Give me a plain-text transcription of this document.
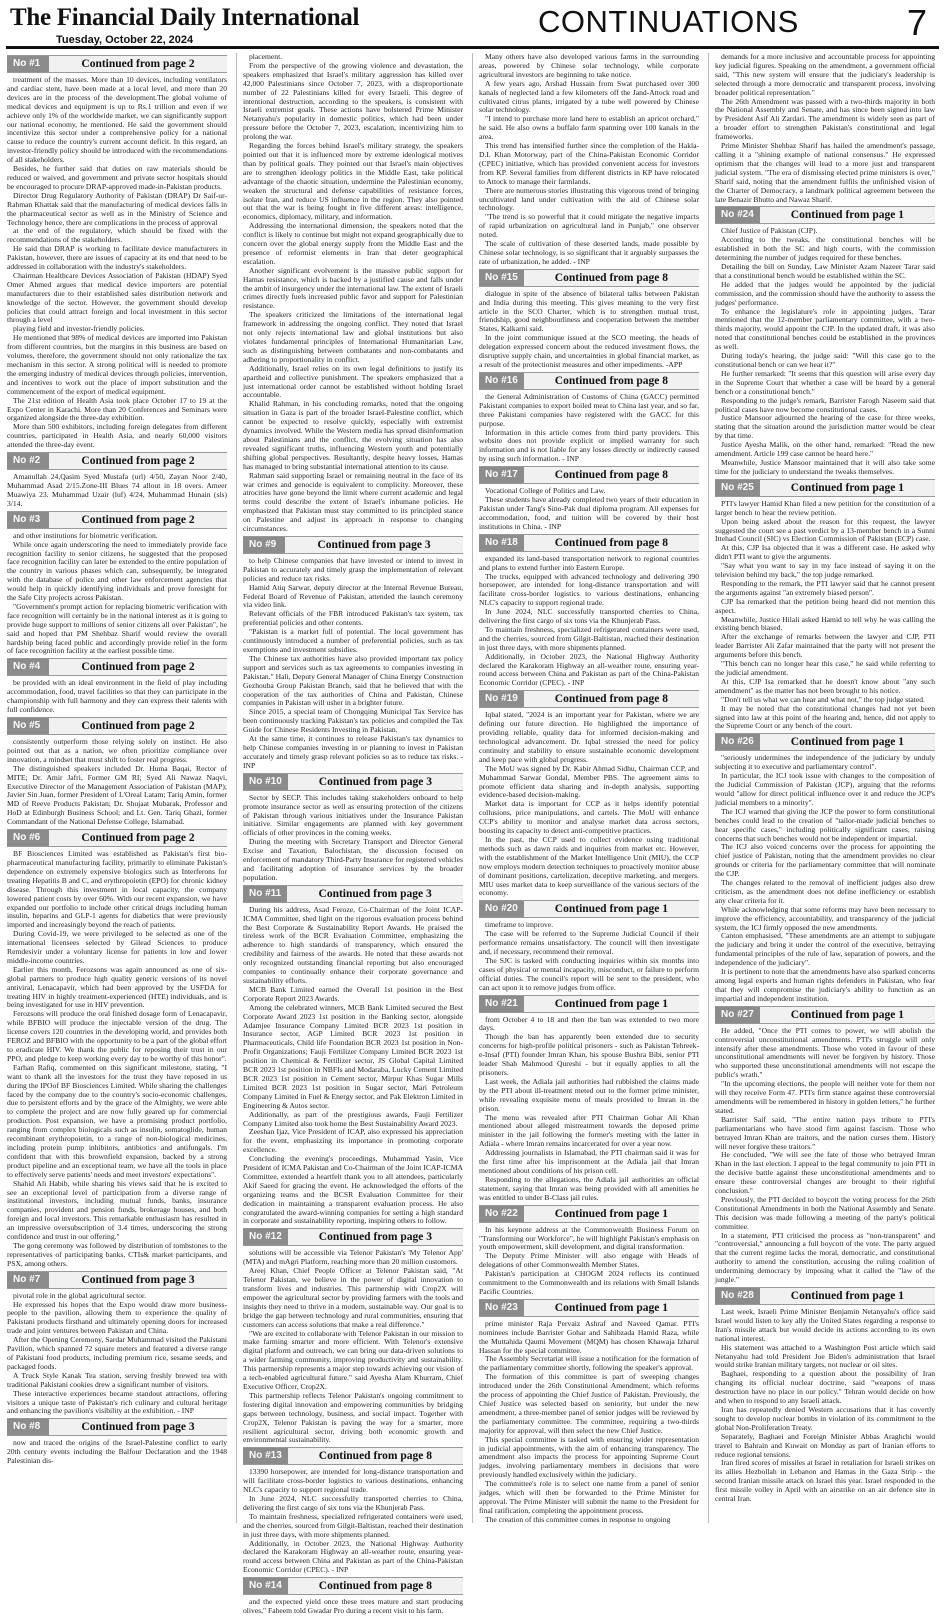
The Financial Daily International
Tuesday, October 22, 2024
CONTINUATIONS	7
No #1	Continued from page 2

treatment of the masses. More than 10 devices, including ventilators and cardiac stent, have been made at a local level, and more than 20 devices are in the process of the development.The global volume of medical devices and equipment is up to Rs.1 trillion and even if we achieve only 1% of the worldwide market, we can significantly support our national economy, he mentioned. He said the government should incentivize this sector under a comprehensive policy for a national cause to reduce the country's current account deficit. In this regard, an investor-friendly policy should be introduced with the recommendations of all stakeholders.

Besides, he further said that duties on raw materials should be reduced or waived, and government and private sector hospitals should be encouraged to procure DRAP-approved made-in-Pakistan products.

Director Drug Regulatory Authority of Pakistan (DRAP) Dr Saif-ur-Rahman Khattak said that the manufacturing of medical devices falls in the pharmaceutical sector as well as in the Ministry of Science and Technology hence, there are complications in the process of approval

at the end of the regulatory, which should be fixed with the recommendations of the stakeholders.

He said that DRAP is working to facilitate device manufacturers in Pakistan, however, there are issues of capacity at its end that need to be addressed in collaboration with the industry's stakeholders.

Chairman Healthcare Devices Association of Pakistan (HDAP) Syed Omer Ahmed argues that medical device importers are potential manufacturers due to their established sales distribution network and knowledge of the sector. However, the government should develop policies that could attract foreign and local investment in this sector through a level

playing field and investor-friendly policies.

He mentioned that 98% of medical devices are imported into Pakistan from different countries, but the margins in this business are based on volumes, therefore, the government should not only rationalize the tax mechanism in this sector. A strong political will is needed to promote the emerging industry of medical devices through policies, intervention, and incentives to work out the place of import substitution and the commencement of the export of medical equipment.

The 21st edition of Health Asia took place October 17 to 19 at the Expo Center in Karachi. More than 20 Conferences and Seminars were organized alongside the three-day exhibition.

More than 500 exhibitors, including foreign delegates from different countries, participated in Health Asia, and nearly 60,000 visitors attended the three-day event.

No #2	Continued from page 2

Amanullah 24,Qasim Syed Mustafa (url) 4/50, Zayan Noor 2/40, Muhammad Asad 2/15.Zone-III Blues 74 allout in 18 overs. Ameer Muawiya 23. Muhammad Uzair (luf) 4/24, Muhammad Hunain (sls) 3/14.

No #3	Continued from page 2

and other institutions for biometric verification.

While once again underscoring the need to immediately provide face recognition facility to senior citizens, he suggested that the proposed face recognition facility can later be extended to the entire population of the country in various phases which can, subsequently, be integrated with the database of police and other law enforcement agencies that would help in quickly identifying individuals and prove foresight for the Safe City projects across Pakistan.

"Government's prompt action for replacing biometric verification with face recognition will certainly be in the national interest as it is going to provide huge support to millions of senior citizens all over Pakistan", he said and hoped that PM Shehbaz Sharif would review the overall hardship being faced public and accordingly provide relief in the form of face recognition facility at the earliest possible time.

No #4	Continued from page 2

be provided with an ideal environment in the field of play including accommodation, food, travel facilities so that they can participate in the championship with full harmony and they can express their talents with full confidence.

No #5	Continued from page 2

consistently outperform those relying solely on instinct. He also pointed out that as a nation, we often prioritize compliance over innovation, a mindset that must shift to foster real progress.

The distinguished speakers included Dr. Huma Baqai, Rector of MITE; Dr. Amir Jafri, Former GM RI; Syed Ali Nawaz Naqvi, Executive Director of the Management Association of Pakistan (MAP); Javier Sin Juan, former President of L'Oreal Latam; Tariq Amin, former MD of Reeve Products Pakistan; Dr. Shujaat Mubarak, Professor and HoD at Edinburgh Business School; and Lt. Gen. Tariq Ghazi, former Commandant of the National Defense College, Islamabad.

No #6	Continued from page 2

BF Biosciences Limited was established as Pakistan's first bio-pharmaceutical manufacturing facility, primarily to eliminate Pakistan's dependence on extremely expensive biologics such as Interferons for treating Hepatitis B and C, and erythropoietin (EPO) for chronic kidney disease. Through this investment in local capacity, the company lowered patient costs by over 60%. With our recent expansion, we have expanded our portfolio to include other critical drugs including human insulin, heparins and GLP-1 agents for diabetics that were previously imported and increasingly beyond the reach of patients.

During Covid-19, we were privileged to be selected as one of the international licensees selected by Gilead Sciences to produce Remdesivir under a voluntary license for patients in low and lower middle-income countries.

Earlier this month, Ferozsons was again announced as one of six-global partners to produce high quality generic versions of its novel antiviral, Lenacapavir, which had been approved by the USFDA for treating HIV in highly treatment-experienced (HTE) individuals, and is being investigated for use in HIV prevention.

Ferozsons will produce the oral finished dosage form of Lenacapavir, while BFBIO will produce the injectable version of the drug. The license covers 120 countries in the developing world, and provides both FEROZ and BFBIO with the opportunity to be a part of the global effort to eradicate HIV. We thank the public for reposing their trust in our PPO, and pledge to keep working every day to be worthy of this honor".

Farhan Rafiq, commented on this significant milestone, stating, "I want to thank all the investors for the trust they have reposed in us during the IPOof BF Biosciences Limited. While sharing the challenges faced by the company due to the country's socio-economic challenges, due to persistent efforts and by the grace of the Almighty, we were able to complete the project and are now fully geared up for commercial production. Post expansion, we have a promising product portfolio, ranging from complex biologicals such as insulin, somatoglide, human recombinant erythropoietin, to a range of non-biological medicines, including protein pump inhibitors, antibiotics and antifungals. I'm confident that with this brownfield expansion, backed by a strong product pipeline and an exceptional team, we have all the tools in place to effectively serve patients' needs and meet investors' expectations".

Shahid Ali Habib, while sharing his views said that he is excited to see an exceptional level of participation from a diverse range of institutional investors, including mutual funds, banks, insurance companies, provident and pension funds, brokerage houses, and both foreign and local investors. This remarkable enthusiasm has resulted in an impressive oversubscription of 3.4 times, underscoring the strong confidence and trust in our offering."

The gong ceremony was followed by distribution of tombstones to the representatives of participating banks, CTIs& market participants, and PSX, among others.

No #7	Continued from page 3

pivotal role in the global agricultural sector.

He expressed his hopes that the Expo would draw more business-people to the pavilion, allowing them to experience the quality of Pakistani products firsthand and ultimately opening doors for increased trade and joint ventures between Pakistan and China.

After the Opening Ceremony, Sardar Muhammad visited the Pakistani Pavilion, which spanned 72 square meters and featured a diverse range of Pakistani food products, including premium rice, sesame seeds, and packaged foods.

A Truck Style Kanak Tea station, serving freshly brewed tea with traditional Pakistani cookies drew a significant number of visitors.

These interactive experiences became standout attractions, offering visitors a unique taste of Pakistan's rich culinary and cultural heritage and enhancing the pavilion's visibility at the exhibition. - INP

No #8	Continued from page 3

now and traced the origins of the Israel-Palestine conflict to early 20th century events including the Balfour Declaration and the 1948 Palestinian dis-

placement.

From the perspective of the growing violence and devastation, the speakers emphasized that Israel's military aggression has killed over 42,000 Palestinians since October 7, 2023, with a disproportionate number of 22 Palestinians killed for every Israeli. This degree of intentional destruction, according to the speakers, is consistent with Israeli extremist goals. These actions have bolstered Prime Minister Netanyahu's popularity in domestic politics, which had been under pressure before the October 7, 2023, escalation, incentivizing him to prolong the war.

Regarding the forces behind Israel's military strategy, the speakers pointed out that it is influenced more by extreme ideological motives than by political goals. They pointed out that Israel's main objectives are to strengthen ideology politics in the Middle East, take political advantage of the chaotic situation, undermine the Palestinian economy, weaken the structural and defense capabilities of resistance forces, isolate Iran, and reduce US influence in the region. They also pointed out that the war is being fought in five different areas: intelligence, economics, diplomacy, military, and information.

Addressing the international dimension, the speakers noted that the conflict is likely to continue but might not expand geographically due to concern over the global energy supply from the Middle East and the presence of reformist elements in Iran that deter geographical escalation.

Another significant evolvement is the massive public support for Hamas resistance, which is backed by a justified cause and falls under the ambit of insurgency under the international law. The extent of Israeli crimes directly fuels increased public favor and support for Palestinian resistance.

The speakers criticized the limitations of the international legal framework in addressing the ongoing conflict. They noted that Israel not only rejects international law and global institutions but also violates fundamental principles of International Humanitarian Law, such as distinguishing between combatants and non-combatants and adhering to proportionality in conflict.

Additionally, Israel relies on its own legal definitions to justify its apartheid and collective punishment. The speakers emphasized that a just international order cannot be established without holding Israel accountable.

Khalid Rahman, in his concluding remarks, noted that the ongoing situation in Gaza is part of the broader Israel-Palestine conflict, which cannot be expected to resolve quickly, especially with extremist dynamics involved. While the Western media has spread disinformation about Palestinians and the conflict, the evolving situation has also revealed significant truths, influencing Western youth and potentially shifting global perspectives. Resultantly, despite heavy losses, Hamas has managed to bring substantial international attention to its cause.

Rahman said supporting Israel or remaining neutral in the face of its war crimes and genocide is equivalent to complicity. Moreover, these atrocities have gone beyond the limit where current academic and legal terms could describe the extent of Israel's inhumane policies. He emphasized that Pakistan must stay committed to its principled stance on Palestine and adjust its approach in response to changing circumstances.

No #9	Continued from page 3

to help Chinese companies that have invested or intend to invest in Pakistan to accurately and timely grasp the implementation of relevant policies and reduce tax risks.

Hamid Atiq Sarwar, deputy director at the Internal Revenue Bureau, Federal Board of Revenue of Pakistan, attended the launch ceremony via video link.

Relevant officials of the FBR introduced Pakistan's tax system, tax preferential policies and other contents.

"Pakistan is a market full of potential. The local government has continuously introduced a number of preferential policies, such as tax exemptions and investment subsidies.

The Chinese tax authorities have also provided important tax policy support and services such as tax agreements to companies investing in Pakistan." Hali, Deputy General Manager of China Energy Construction Gezhouba Group Pakistan Branch, said that he believed that with the cooperation of the tax authorities of China and Pakistan, Chinese companies in Pakistan will usher in a brighter future.

Since 2015, a special team of Chongqing Municipal Tax Service has been continuously tracking Pakistan's tax policies and compiled the Tax Guide for Chinese Residents Investing in Pakistan.

At the same time, it continues to release Pakistan's tax dynamics to help Chinese companies investing in or planning to invest in Pakistan accurately and timely grasp relevant policies so as to reduce tax risks. - INP

No #10	Continued from page 3

Sector by SECP. This includes taking stakeholders onboard to help promote insurance sector as well as ensuring protection of the citizens of Pakistan through various initiatives under the Insurance Pakistan initiative. Similar engagements are planned with key government officials of other provinces in the coming weeks.

During the meeting with Secretary Transport and Director General Excise and Taxation, Balochistan, the discussion focused on enforcement of mandatory Third-Party Insurance for registered vehicles and facilitating adoption of insurance services by the broader population.

No #11	Continued from page 3

During his address, Asad Feroze, Co-Chairman of the Joint ICAP-ICMA Committee, shed light on the rigorous evaluation process behind the Best Corporate & Sustainability Report Awards. He praised the tireless work of the BCR Evaluation Committee, emphasizing the adherence to high standards of transparency, which ensured the credibility and fairness of the awards. He noted that these awards not only recognized outstanding financial reporting but also encouraged companies to continually enhance their corporate governance and sustainability efforts.

MCB Bank Limited earned the Overall 1st position in the Best Corporate Report 2023 Awards.

Among the celebrated winners, MCB Bank Limited secured the Best Corporate Award 2023 1st position in the Banking sector, alongside Adamjee Insurance Company Limited BCR 2023 1st position in Insurance sector, AGP Limited BCR 2023 1st position in Pharmaceuticals, Child life Foundation BCR 2023 1st position in Non-Profit Organizations; Fauji Fertilizer Company Limited BCR 2023 1st position in Chemical & Fertilizer sector, JS Global Capital Limited BCR 2023 1st position in NBFIs and Modaraba, Lucky Cement Limited BCR 2023 1st position in Cement sector, Mirpur Khas Sugar Mills Limited BCR 2023 1st position in Sugar sector, Mari Petroleum Company Limited in Fuel & Energy sector, and Pak Elektron Limited in Engineering & Autos sector.

Additionally, as part of the prestigious awards, Fauji Fertilizer Company Limited also took home the Best Sustainability Award 2023.

Zeeshan Ijaz, Vice President of ICAP, also expressed his appreciation for the event, emphasizing its importance in promoting corporate excellence.

Concluding the evening's proceedings, Muhammad Yasin, Vice President of ICMA Pakistan and Co-Chairman of the Joint ICAP-ICMA Committee, extended a heartfelt thank you to all attendees, particularly Akif Saeed for gracing the event. He acknowledged the efforts of the organizing teams and the BCSR Evaluation Committee for their dedication in maintaining a transparent evaluation process. He also congratulated the award-winning companies for setting a high standard in corporate and sustainability reporting, inspiring others to follow.

No #12	Continued from page 3

solutions will be accessible via Telenor Pakistan's 'My Telenor App' (MTA) and mAgri Platform, reaching more than 20 million customers.

Areej Khan, Chief People Officer at Telenor Pakistan said, "At Telenor Pakistan, we believe in the power of digital innovation to transform lives and industries. This partnership with Crop2X will empower the agricultural sector by providing farmers with the tools and insights they need to thrive in a modern, sustainable way. Our goal is to bridge the gap between technology and rural communities, ensuring that customers can access solutions that make a real difference."

"We are excited to collaborate with Telenor Pakistan in our mission to make farming smarter and more efficient. With Telenor's extensive digital platform and outreach, we can bring our data-driven solutions to a wider farming community, improving productivity and sustainability. This partnership represents a major step towards achieving our vision of a tech-enabled agricultural future." said Ayesha Alam Khurram, Chief Executive Officer, Crop2X.

This partnership reflects Telenor Pakistan's ongoing commitment to fostering digital innovation and empowering communities by bridging gaps between technology, business, and social impact. Together with Crop2X, Telenor Pakistan is paving the way for a smarter, more resilient agricultural sector, driving both economic growth and environmental sustainability.

No #13	Continued from page 8

13390 horsepower, are intended for long-distance transportation and will facilitate cross-border logistics to various destinations, enhancing NLC's capacity to support regional trade.

In June 2024, NLC successfully transported cherries to China, delivering the first cargo of six tons via the Khunjerab Pass.

To maintain freshness, specialized refrigerated containers were used, and the cherries, sourced from Gilgit-Baltistan, reached their destination in just three days, with more shipments planned.

Additionally, in October 2023, the National Highway Authority declared the Karakoram Highway an all-weather route, ensuring year-round access between China and Pakistan as part of the China-Pakistan Economic Corridor (CPEC). - INP

No #14	Continued from page 8

and the expected yield once these trees mature and start producing olives," Faheem told Gwadar Pro during a recent visit to his farm.

Many others have also developed various farms in the surrounding areas, powered by Chinese solar technology, while corporate agricultural investors are beginning to take notice.

A few years ago, Arshad Hussain from Swat purchased over 300 kanals of neglected land a few kilometers off the Jand-Attock road and cultivated citrus plants, irrigated by a tube well powered by Chinese solar technology.

"I intend to purchase more land here to establish an apricot orchard," he said. He also owns a buffalo farm spanning over 100 kanals in the area.

This trend has intensified further since the completion of the Hakla-D.I. Khan Motorway, part of the China-Pakistan Economic Corridor (CPEC) initiative, which has provided convenient access for investors from KP. Several families from different districts in KP have relocated to Attock to manage their farmlands.

There are numerous stories illustrating this vigorous trend of bringing uncultivated land under cultivation with the aid of Chinese solar technology.

"The trend is so powerful that it could mitigate the negative impacts of rapid urbanization on agricultural land in Punjab," one observer noted.

The scale of cultivation of these deserted lands, made possible by Chinese solar technology, is so significant that it arguably surpasses the rate of urbanization, he added. - INP

No #15	Continued from page 8

dialogue in spite of the absence of bilateral talks between Pakistan and India during this meeting. This gives meaning to the very first article in the SCO Charter, which is to strengthen mutual trust, friendship, good neighbourliness and cooperation between the member States, Kalkarni said.

In the joint communique issued at the SCO meeting, the heads of delegation expressed concern about the reduced investment flows, the disruptive supply chain, and uncertainties in global financial market, as a result of the protectionist measures and other impediments. -APP

No #16	Continued from page 8

the General Administration of Customs of China (GACC) permitted Pakistani companies to export boiled meat to China last year, and so far, three Pakistani companies have registered with the GACC for this purpose.

Information in this article comes from third party providers. This website does not provide explicit or implied warranty for such information and is not liable for any losses directly or indirectly caused by using such information. - INP

No #17	Continued from page 8

Vocational College of Politics and Law.

These students have already completed two years of their education in Pakistan under Tang's Sino-Pak dual diploma program. All expenses for accommodation, food, and tuition will be covered by their host institutions in China. - INP

No #18	Continued from page 8

expanded its land-based transportation network to regional countries and plans to extend further into Eastern Europe.

The trucks, equipped with advanced technology and delivering 390 horsepower, are intended for long-distance transportation and will facilitate cross-border logistics to various destinations, enhancing NLC's capacity to support regional trade.

In June 2024, NLC successfully transported cherries to China, delivering the first cargo of six tons via the Khunjerab Pass.

To maintain freshness, specialized refrigerated containers were used, and the cherries, sourced from Gilgit-Baltistan, reached their destination in just three days, with more shipments planned.

Additionally, in October 2023, the National Highway Authority declared the Karakoram Highway an all-weather route, ensuring year-round access between China and Pakistan as part of the China-Pakistan Economic Corridor (CPEC). - INP

No #19	Continued from page 8

Iqbal stated, "2024 is an important year for Pakistan, where we are defining our future direction. He highlighted the importance of providing reliable, quality data for informed decision-making and technological advancement. Dr. Iqbal stressed the need for policy continuity and stability to ensure sustainable economic development and keep pace with global progress.

The MoU was signed by Dr. Kabir Ahmad Sidhu, Chairman CCP, and Muhammad Sarwar Gondal, Member PBS. The agreement aims to promote efficient data sharing and in-depth analysis, supporting evidence-based decision-making.

Market data is important for CCP as it helps identify potential collusions, price manipulations, and cartels. The MoU will enhance CCP's ability to monitor and analyse market data across sectors, boosting its capacity to detect anti-competitive practices.

In the past, the CCP used to collect evidence using traditional methods such as dawn raids and inquiries from market etc. However, with the establishment of the Market Intelligence Unit (MIU), the CCP now employs modern detection techniques to proactively monitor abuse of dominant positions, cartelization, deceptive marketing, and mergers. MIU uses market data to keep surveillance of the various sectors of the economy.

No #20	Continued from page 1

timeframe to improve.

The case will be referred to the Supreme Judicial Council if their performance remains unsatisfactory. The council will then investigate and, if necessary, recommend their removal.

The SJC is tasked with conducting inquiries within six months into cases of physical or mental incapacity, misconduct, or failure to perform official duties. The council's report will be sent to the president, who can act upon it to remove judges from office.

No #21	Continued from page 1

from October 4 to 18 and then the ban was extended to two more days.

Though the ban has apparently been extended due to security concerns for high-profile political prisoners - such as Pakistan Tehreek-e-Insaf (PTI) founder Imran Khan, his spouse Bushra Bibi, senior PTI leader Shah Mahmood Qureshi - but it equally applies to all the prisoners.

Last week, the Adiala jail authorities had rubbished the claims made by the PTI about ill-treatment meted out to the former prime minister, while revealing exquisite menu of meals provided to Imran in the prison.

The menu was revealed after PTI Chairman Gohar Ali Khan mentioned about alleged mistreatment towards the deposed prime minister in the jail following the former's meeting with the latter in Adiala - where Imran remains incarcerated for over a year now.

Addressing journalists in Islamabad, the PTI chairman said it was for the first time after his imprisonment at the Adiala jail that Imran mentioned about conditions of his prison cell.

Responding to the allegations, the Adiala jail authorities an official statement, saying that Imran was being provided with all amenities he was entitled to under B-Class jail rules.

No #22	Continued from page 1

In his keynote address at the Commonwealth Business Forum on "Transforming our Workforce", he will highlight Pakistan's emphasis on youth empowerment, skill development, and digital transformation.

The Deputy Prime Minister will also engage with Heads of delegations of other Commonwealth Member States.

Pakistan's participation at CHOGM 2024 reflects its continued commitment to the Commonwealth and its relations with Small Islands Pacific Countries.

No #23	Continued from page 1

prime minister Raja Pervaiz Ashraf and Naveed Qamar. PTI's nominees include Barrister Gohar and Sahibzada Hamid Raza, while the Muttahida Qaumi Movement (MQM) has chosen Khawaja Izharul Hassan for the special committee.

The Assembly Secretariat will issue a notification for the formation of the parliamentary committee shortly, following the speaker's approval.

The formation of this committee is part of sweeping changes introduced under the 26th Constitutional Amendment, which reforms the process of appointing the Chief Justice of Pakistan. Previously, the Chief Justice was selected based on seniority, but under the new amendment, a three-member panel of senior judges will be reviewed by the parliamentary committee. The committee, requiring a two-thirds majority for approval, will then select the new Chief Justice.

This special committee is tasked with ensuring wider representation in judicial appointments, with the aim of enhancing transparency. The amendment also impacts the process for appointing Supreme Court judges, involving parliamentary members in decisions that were previously handled exclusively within the judiciary.

The committee's role is to select one name from a panel of senior judges, which will then be forwarded to the Prime Minister for approval. The Prime Minister will submit the name to the President for final ratification, completing the appointment process.

The creation of this committee comes in response to ongoing

demands for a more inclusive and accountable process for appointing key judicial figures. Speaking on the amendment, a government official said, "This new system will ensure that the judiciary's leadership is selected through a more democratic and transparent process, involving broader political representation."

The 26th Amendment was passed with a two-thirds majority in both the National Assembly and Senate, and has since been signed into law by President Asif Ali Zardari. The amendment is widely seen as part of a broader effort to strengthen Pakistan's constitutional and legal frameworks.

Prime Minister Shehbaz Sharif has hailed the amendment's passage, calling it a "shining example of national consensus." He expressed optimism that the changes will lead to a more just and transparent judicial system. "The era of dismissing elected prime ministers is over," Sharif said, noting that the amendment fulfils the unfinished vision of the Charter of Democracy, a landmark political agreement between the late Benazir Bhutto and Nawaz Sharif.

No #24	Continued from page 1

Chief Justice of Pakistan (CJP).

According to the tweaks, the constitutional benches will be established in both the SC and high courts, with the commission determining the number of judges required for these benches.

Detailing the bill on Sunday, Law Minister Azam Nazeer Tarar said that a constitutional bench would be established within the SC.

He added that the judges would be appointed by the judicial commission, and the commission should have the authority to assess the judges' performance.

To enhance the legislature's role in appointing judges, Tarar mentioned that the 12-member parliamentary committee, with a two-thirds majority, would appoint the CJP. In the updated draft, it was also noted that constitutional benches could be established in the provinces as well.

During today's hearing, the judge said: "Will this case go to the constitutional bench or can we hear it?"

He further remarked: "It seems that this question will arise every day in the Supreme Court that whether a case will be heard by a general bench or a constitutional bench."

Responding to the judge's remark, Barrister Farogh Naseem said that political cases have now become constitutional cases.

Justice Mansoor adjourned the hearing of the case for three weeks, stating that the situation around the jurisdiction matter would be clear by that time.

Justice Ayesha Malik, on the other hand, remarked: "Read the new amendment. Article 199 case cannot be heard here."

Meanwhile, Justice Mansoor maintained that it will also take some time for the judiciary to understand the tweaks themselves.

No #25	Continued from page 1

PTI's lawyer Hamid Khan filed a new petition for the constitution of a larger bench to hear the review petition.

Upon being asked about the reason for this request, the lawyer suggested the court see a past verdict by a 13-member bench in a Sunni Ittehad Council (SIC) vs Election Commission of Pakistan (ECP) case.

At this, CJP Isa objected that it was a different case. He asked why didn't PTI want to give the arguments.

"Say what you want to say in my face instead of saying it on the television behind my back," the top judge remarked.

Responding to the remark, the PTI lawyer said that he cannot present the arguments against "an extremely biased person".

CJP Isa remarked that the petition being heard did not mention this aspect.

Meanwhile, Justice Hilali asked Hamid to tell why he was calling the existing bench biased.

After the exchange of remarks between the lawyer and CJP, PTI leader Barrister Ali Zafar maintained that the party will not present the arguments before this bench.

"This bench can no longer hear this case," he said while referring to the judicial amendment.

At this, CJP Isa remarked that he doesn't know about "any such amendment" as the matter has not been brought to his notice.

"Don't tell us what we can hear and what not," the top judge stated.

It may be noted that the constitutional changes had not yet been signed into law at this point of the hearing and, hence, did not apply to the Supreme Court or any bench of the court.

No #26	Continued from page 1

"seriously undermines the independence of the judiciary by unduly subjecting it to executive and parliamentary control".

In particular, the ICJ took issue with changes to the composition of the Judicial Commission of Pakistan (JCP), arguing that the reforms would "allow for direct political influence over it and reduce the JCP's judicial members to a minority".

The ICJ warned that giving the JCP the power to form constitutional benches could lead to the creation of "tailor-made judicial benches to hear specific cases," including politically significant cases, raising concerns that such benches would not be independent or impartial.

The ICJ also voiced concerns over the process for appointing the chief justice of Pakistan, noting that the amendment provides no clear grounds or criteria for the parliamentary committee that will nominate the CJP.

The changes related to the removal of inefficient judges also drew criticism, as the amendment does not define inefficiency or establish any clear criteria for it.

While acknowledging that some reforms may have been necessary to improve the efficiency, accountability, and transparency of the judicial system, the ICJ firmly opposed the new amendments.

Canton emphasised, "These amendments are an attempt to subjugate the judiciary and bring it under the control of the executive, betraying fundamental principles of the rule of law, separation of powers, and the independence of the judiciary".

It is pertinent to note that the amendments have also sparked concerns among legal experts and human rights defenders in Pakistan, who fear that they will compromise the judiciary's ability to function as an impartial and independent institution.

No #27	Continued from page 1

He added, "Once the PTI comes to power, we will abolish the controversial unconstitutional amendments. PTI's struggle will only intensify after these amendments. Those who voted in favour of these unconstitutional amendments will never be forgiven by history. Those who supported these unconstitutional amendments will not escape the public's wrath."

"In the upcoming elections, the people will neither vote for them nor will they receive Form 47. PTI's firm stance against these controversial amendments will be remembered in history in golden letters," he further stated.

Barrister Saif said, "The entire nation pays tribute to PTI's parliamentarians who have stood firm against fascism. Those who betrayed Imran Khan are traitors, and the nation curses them. History will never forgive these traitors."

He concluded, "We will see the fate of those who betrayed Imran Khan in the last election. I appeal to the legal community to join PTI in the decisive battle against these unconstitutional amendments and to ensure these controversial changes are brought to their rightful conclusion."

Previously, the PTI decided to boycott the voting process for the 26th Constitutional Amendments in both the National Assembly and Senate. This decision was made following a meeting of the party's political committee.

In a statement, PTI criticised the process as "non-transparent" and "controversial," announcing a full boycott of the vote. The party argued that the current regime lacks the moral, democratic, and constitutional authority to amend the constitution, accusing the ruling coalition of undermining democracy by imposing what it called the "law of the jungle."

No #28	Continued from page 1

Last week, Israeli Prime Minister Benjamin Netanyahu's office said Israel would listen to key ally the United States regarding a response to Iran's missile attack but would decide its actions according to its own national interest.

His statement was attached to a Washington Post article which said Netanyahu had told President Joe Biden's administration that Israel would strike Iranian military targets, not nuclear or oil sites.

Baghaei, responding to a question about the possibility of Iran changing its official nuclear doctrine, said "weapons of mass destruction have no place in our policy." Tehran would decide on how and when to respond to any Israeli attack.

Iran has repeatedly denied Western accusations that it has covertly sought to develop nuclear bombs in violation of its commitment to the global Non-Proliferation Treaty.

Separately, Baghaei and Foreign Minister Abbas Araghchi would travel to Bahrain and Kuwait on Monday as part of Iranian efforts to reduce regional tensions.

Iran fired scores of missiles at Israel in retaliation for Israeli strikes on its allies Hezbollah in Lebanon and Hamas in the Gaza Strip - the second Iranian missile attack on Israel this year. Israel responded to the first missile volley in April with an airstrike on an air defence site in central Iran.
